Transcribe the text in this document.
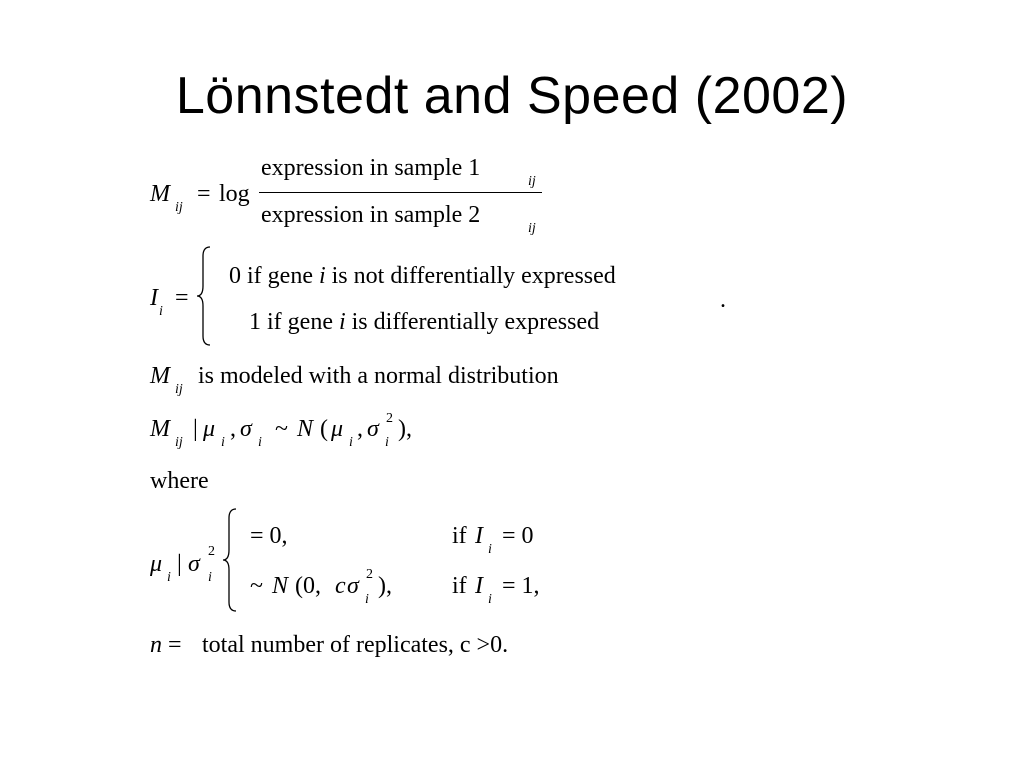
Lönnstedt and Speed (2002)
M
ij
= log
expression in sample 1
ij
expression in sample 2
ij
I
i
=
0 if gene i is not differentially expressed
1 if gene i is differentially expressed
.
M
ij
is modeled with a normal distribution
M
ij
| μ
i
, σ
i
~ N ( μ
i
, σ 2
i
),
where
μ
i
| σ 2
i
= 0,	if I
i
= 0
~ N (0, c σ 2
i
),	if I
i
= 1,
n = total number of replicates, c >0.
